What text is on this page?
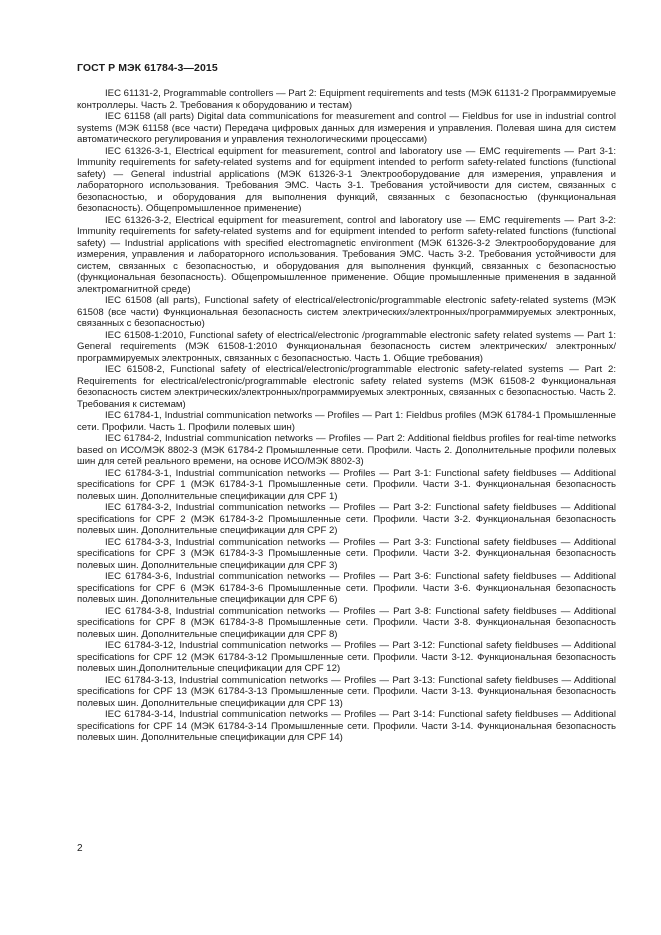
ГОСТ Р МЭК 61784-3—2015

IEC 61131-2, Programmable controllers — Part 2: Equipment requirements and tests (МЭК 61131-2 Программируемые контроллеры. Часть 2. Требования к оборудованию и тестам)

IEC 61158 (all parts) Digital data communications for measurement and control — Fieldbus for use in industrial control systems (МЭК 61158 (все части) Передача цифровых данных для измерения и управления. Полевая шина для систем автоматического регулирования и управления технологическими процессами)

IEC 61326-3-1, Electrical equipment for measurement, control and laboratory use — EMC requirements — Part 3-1: Immunity requirements for safety-related systems and for equipment intended to perform safety-related functions (functional safety) — General industrial applications (МЭК 61326-3-1 Электрооборудование для измерения, управления и лабораторного использования. Требования ЭМС. Часть 3-1. Требования устойчивости для систем, связанных с безопасностью, и оборудования для выполнения функций, связанных с безопасностью (функциональная безопасность). Общепромышленное применение)

IEC 61326-3-2, Electrical equipment for measurement, control and laboratory use — EMC requirements — Part 3-2: Immunity requirements for safety-related systems and for equipment intended to perform safety-related functions (functional safety) — Industrial applications with specified electromagnetic environment (МЭК 61326-3-2 Электрооборудование для измерения, управления и лабораторного использования. Требования ЭМС. Часть 3-2. Требования устойчивости для систем, связанных с безопасностью, и оборудования для выполнения функций, связанных с безопасностью (функциональная безопасность). Общепромышленное применение. Общие промышленные применения в заданной электромагнитной среде)

IEC 61508 (all parts), Functional safety of electrical/electronic/programmable electronic safety-related systems (МЭК 61508 (все части) Функциональная безопасность систем электрических/электронных/программируемых электронных, связанных с безопасностью)

IEC 61508-1:2010, Functional safety of electrical/electronic /programmable electronic safety related systems — Part 1: General requirements (МЭК 61508-1:2010 Функциональная безопасность систем электрических/ электронных/программируемых электронных, связанных с безопасностью. Часть 1. Общие требования)

IEC 61508-2, Functional safety of electrical/electronic/programmable electronic safety-related systems — Part 2: Requirements for electrical/electronic/programmable electronic safety related systems (МЭК 61508-2 Функциональная безопасность систем электрических/электронных/программируемых электронных, связанных с безопасностью. Часть 2. Требования к системам)

IEC 61784-1, Industrial communication networks — Profiles — Part 1: Fieldbus profiles (МЭК 61784-1 Промышленные сети. Профили. Часть 1. Профили полевых шин)

IEC 61784-2, Industrial communication networks — Profiles — Part 2: Additional fieldbus profiles for real-time networks based on ИСО/МЭК 8802-3 (МЭК 61784-2 Промышленные сети. Профили. Часть 2. Дополнительные профили полевых шин для сетей реального времени, на основе ИСО/МЭК 8802-3)

IEC 61784-3-1, Industrial communication networks — Profiles — Part 3-1: Functional safety fieldbuses — Additional specifications for CPF 1 (МЭК 61784-3-1 Промышленные сети. Профили. Части 3-1. Функциональная безопасность полевых шин. Дополнительные спецификации для CPF 1)

IEC 61784-3-2, Industrial communication networks — Profiles — Part 3-2: Functional safety fieldbuses — Additional specifications for CPF 2 (МЭК 61784-3-2 Промышленные сети. Профили. Части 3-2. Функциональная безопасность полевых шин. Дополнительные спецификации для CPF 2)

IEC 61784-3-3, Industrial communication networks — Profiles — Part 3-3: Functional safety fieldbuses — Additional specifications for CPF 3 (МЭК 61784-3-3 Промышленные сети. Профили. Части 3-2. Функциональная безопасность полевых шин. Дополнительные спецификации для CPF 3)

IEC 61784-3-6, Industrial communication networks — Profiles — Part 3-6: Functional safety fieldbuses — Additional specifications for CPF 6 (МЭК 61784-3-6 Промышленные сети. Профили. Части 3-6. Функциональная безопасность полевых шин. Дополнительные спецификации для CPF 6)

IEC 61784-3-8, Industrial communication networks — Profiles — Part 3-8: Functional safety fieldbuses — Additional specifications for CPF 8 (МЭК 61784-3-8 Промышленные сети. Профили. Части 3-8. Функциональная безопасность полевых шин. Дополнительные спецификации для CPF 8)

IEC 61784-3-12, Industrial communication networks — Profiles — Part 3-12: Functional safety fieldbuses — Additional specifications for CPF 12 (МЭК 61784-3-12 Промышленные сети. Профили. Части 3-12. Функциональная безопасность полевых шин.Дополнительные спецификации для CPF 12)

IEC 61784-3-13, Industrial communication networks — Profiles — Part 3-13: Functional safety fieldbuses — Additional specifications for CPF 13 (МЭК 61784-3-13 Промышленные сети. Профили. Части 3-13. Функциональная безопасность полевых шин. Дополнительные спецификации для CPF 13)

IEC 61784-3-14, Industrial communication networks — Profiles — Part 3-14: Functional safety fieldbuses — Additional specifications for CPF 14 (МЭК 61784-3-14 Промышленные сети. Профили. Части 3-14. Функциональная безопасность полевых шин. Дополнительные спецификации для CPF 14)

2
